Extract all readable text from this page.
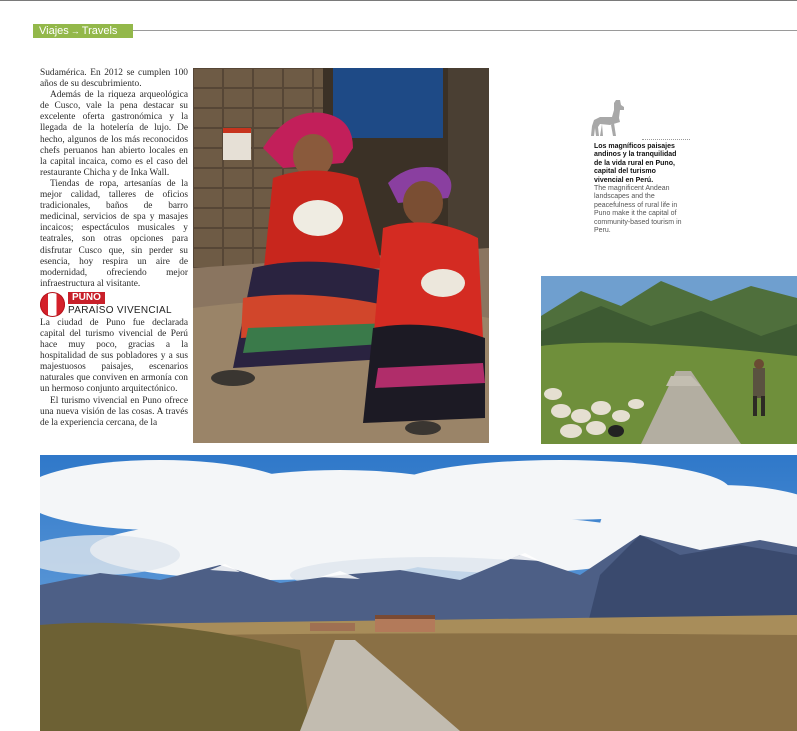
Viajes → Travels

Sudamérica. En 2012 se cumplen 100 años de su descubrimiento.

Además de la riqueza arqueológica de Cusco, vale la pena destacar su excelente oferta gastronómica y la llegada de la hotelería de lujo. De hecho, algunos de los más reconocidos chefs peruanos han abierto locales en la capital incaica, como es el caso del restaurante Chicha y de Inka Wall.

Tiendas de ropa, artesanías de la mejor calidad, talleres de oficios tradicionales, baños de barro medicinal, servicios de spa y masajes incaicos; espectáculos musicales y teatrales, son otras opciones para disfrutar Cusco que, sin perder su esencia, hoy respira un aire de modernidad, ofreciendo mejor infraestructura al visitante.

PUNO
PARAÍSO VIVENCIAL

La ciudad de Puno fue declarada capital del turismo vivencial de Perú hace muy poco, gracias a la hospitalidad de sus pobladores y a sus majestuosos paisajes, escenarios naturales que conviven en armonía con un hermoso conjunto arquitectónico.

El turismo vivencial en Puno ofrece una nueva visión de las cosas. A través de la experiencia cercana, de la

Los magníficos paisajes andinos y la tranquilidad de la vida rural en Puno, capital del turismo vivencial en Perú.

The magnificent Andean landscapes and the peacefulness of rural life in Puno make it the capital of community-based tourism in Peru.
